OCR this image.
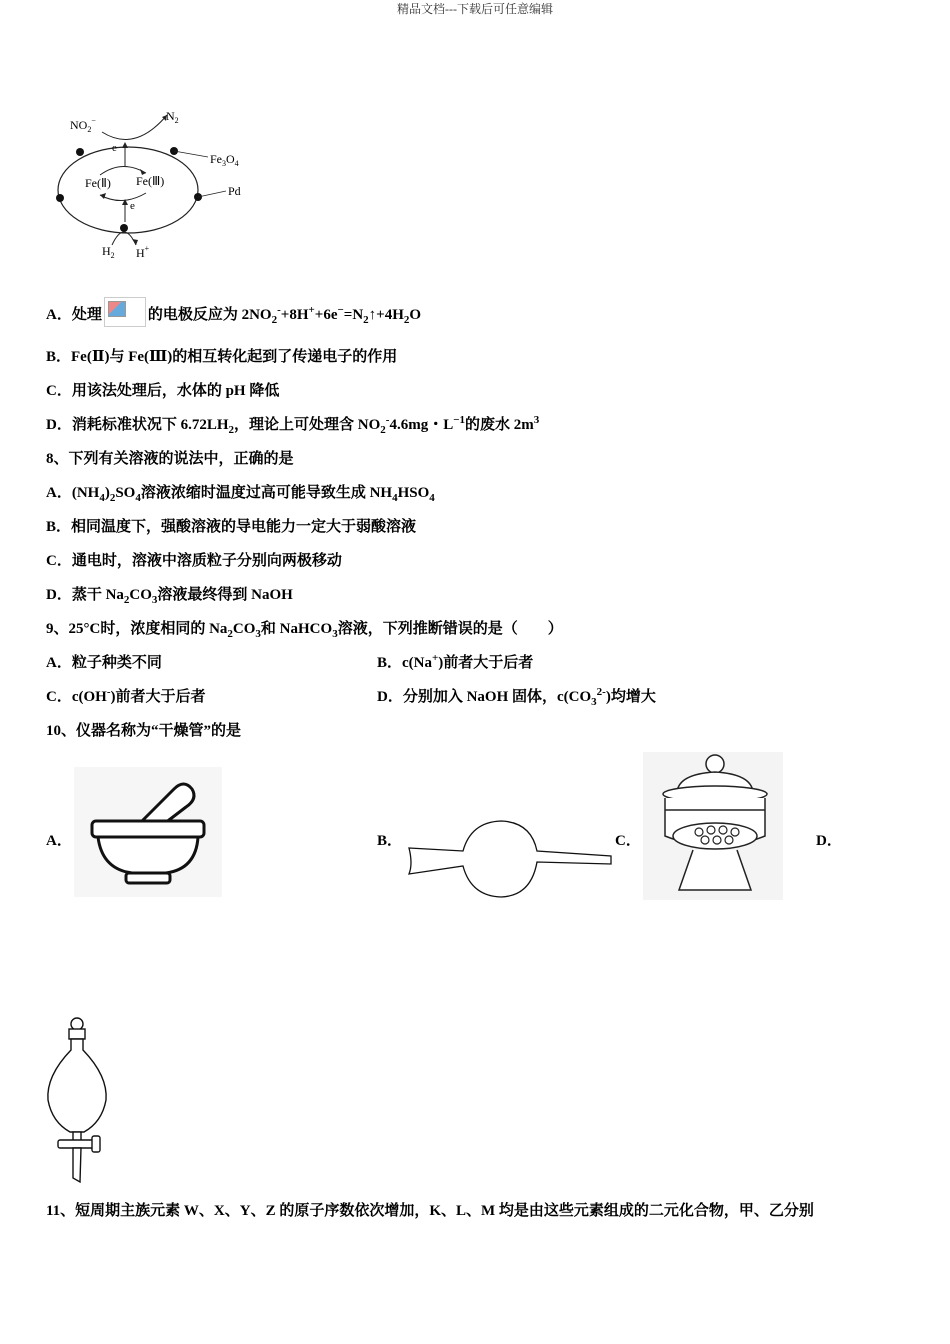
精品文档---下载后可任意编辑
$NO_2^-$	$N_2$
e
e
Fe(Ⅱ) Fe(Ⅲ)
$Fe_3O_4$
Pd
$H_2$ H+
A．处理	的电极反应为 $2NO_2^-+8H^++6e^-=N_2↑+4H_2O$
B．Fe(Ⅱ)与 Fe(Ⅲ)的相互转化起到了传递电子的作用
C．用该法处理后，水体的 pH 降低
D．消耗标准状况下 $6.72LH_2$，理论上可处理含 $NO_2^-4.6mg$・$L^{-1}$的废水 $2m^3$
8、下列有关溶液的说法中，正确的是
A．$(NH_4)_2SO_4$溶液浓缩时温度过高可能导致生成 $NH_4HSO_4$
B．相同温度下，强酸溶液的导电能力一定大于弱酸溶液
C．通电时，溶液中溶质粒子分别向两极移动
D．蒸干 $Na_2CO_3$溶液最终得到 NaOH
9、25°C时，浓度相同的 $Na_2CO_3$和 NaHCO$_3$溶液，下列推断错误的是（　　）
A．粒子种类不同	B．c(Na+)前者大于后者
C．c(OH-)前者大于后者	D．分别加入 NaOH 固体，$c(CO_3^{2-})$均增大
10、仪器名称为“干燥管”的是
A．	B．	C．	D．
11、短周期主族元素 W、X、Y、Z 的原子序数依次增加，K、L、M 均是由这些元素组成的二元化合物，甲、乙分别
